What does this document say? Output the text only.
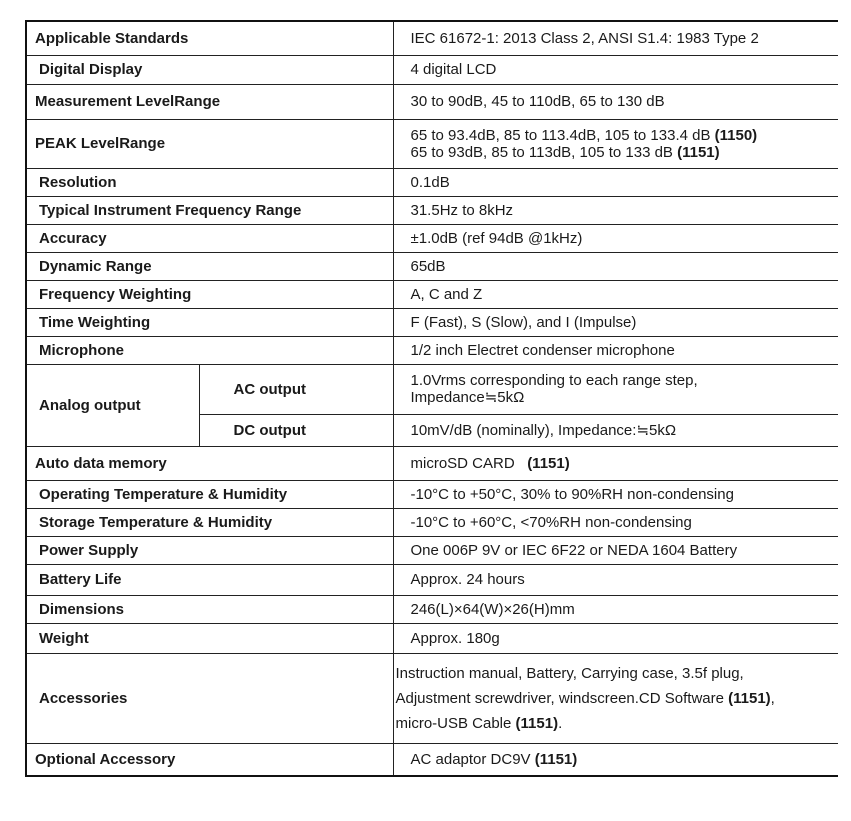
Applicable Standards		IEC 61672-1: 2013 Class 2, ANSI S1.4: 1983 Type 2
Digital Display		4 digital LCD
Measurement LevelRange		30 to 90dB, 45 to 110dB, 65 to 130 dB
PEAK LevelRange		65 to 93.4dB, 85 to 113.4dB, 105 to 133.4 dB (1150)
65 to 93dB, 85 to 113dB, 105 to 133 dB (1151)
Resolution		0.1dB
Typical Instrument Frequency Range		31.5Hz to 8kHz
Accuracy		±1.0dB (ref 94dB @1kHz)
Dynamic Range		65dB
Frequency Weighting		A, C and Z
Time Weighting		F (Fast), S (Slow), and I (Impulse)
Microphone		1/2 inch Electret condenser microphone
Analog output	AC output	1.0Vrms corresponding to each range step,
Impedance≒5kΩ
	DC output	10mV/dB (nominally), Impedance:≒5kΩ
Auto data memory		microSD CARD   (1151)
Operating Temperature & Humidity		-10°C to +50°C, 30% to 90%RH non-condensing
Storage Temperature & Humidity		-10°C to +60°C, <70%RH non-condensing
Power Supply		One 006P 9V or IEC 6F22 or NEDA 1604 Battery
Battery Life		Approx. 24 hours
Dimensions		246(L)×64(W)×26(H)mm
Weight		Approx. 180g
Accessories		Instruction manual, Battery, Carrying case, 3.5f plug,
Adjustment screwdriver, windscreen.CD Software (1151),
micro-USB Cable (1151).
Optional Accessory		AC adaptor DC9V (1151)
